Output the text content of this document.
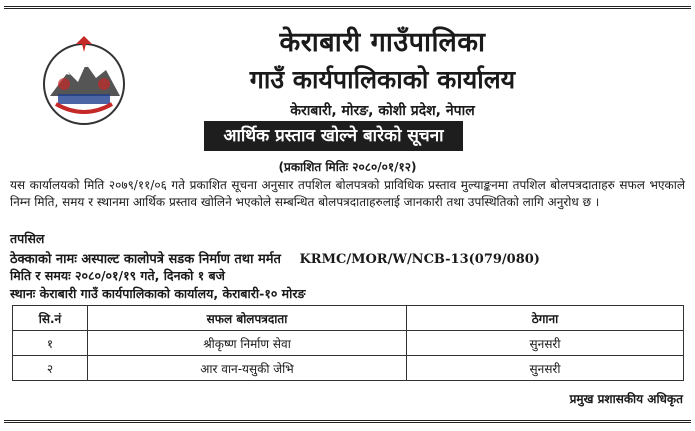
केराबारी गाउँपालिका
गाउँ कार्यपालिकाको कार्यालय
केराबारी, मोरङ, कोशी प्रदेश, नेपाल
आर्थिक प्रस्ताव खोल्ने बारेको सूचना
(प्रकाशित मितिः २०८०/०१/१२)
यस कार्यालयको मिति २०७९/११/०६ गते प्रकाशित सूचना अनुसार तपशिल बोलपत्रको प्राविधिक प्रस्ताव मुल्याङ्कनमा तपशिल बोलपत्रदाताहरु सफल भएकाले निम्न मिति, समय र स्थानमा आर्थिक प्रस्ताव खोलिने भएकोले सम्बन्धित बोलपत्रदाताहरुलाई जानकारी तथा उपस्थितिको लागि अनुरोध छ ।
तपसिल
ठेक्काको नामः अस्पाल्ट कालोपत्रे सडक निर्माण तथा मर्मत KRMC/MOR/W/NCB-13(079/080)
मिति र समयः २०८०/०१/१९ गते, दिनको १ बजे
स्थानः केराबारी गाउँ कार्यपालिकाको कार्यालय, केराबारी-१० मोरङ
सि.नं	सफल बोलपत्रदाता	ठेगाना
१	श्रीकृष्ण निर्माण सेवा	सुनसरी
२	आर वान-यसुकी जेभि	सुनसरी
प्रमुख प्रशासकीय अधिकृत
